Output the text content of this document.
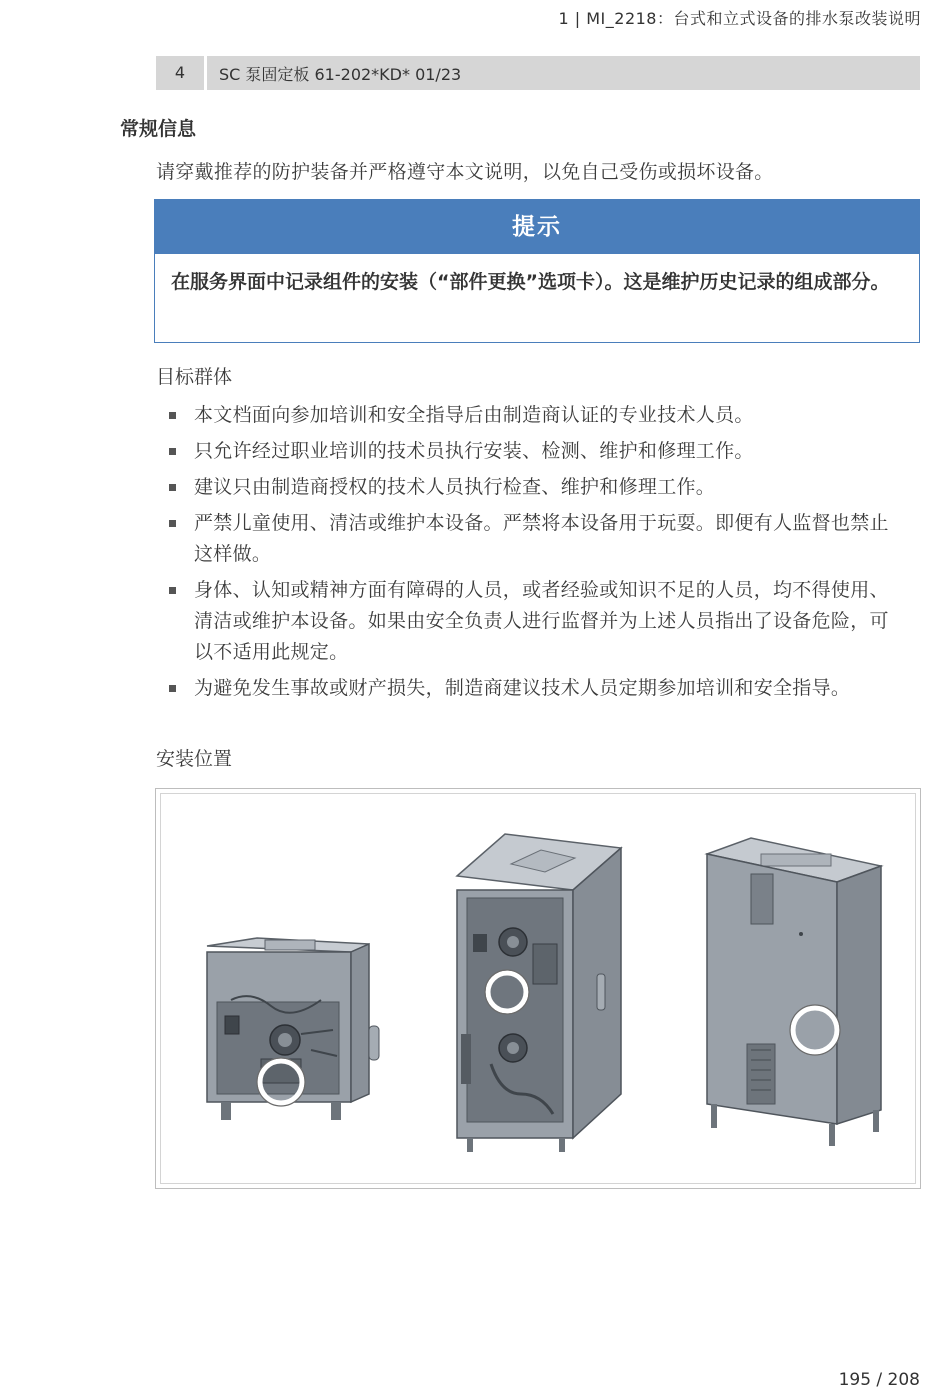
1 | MI_2218：台式和立式设备的排水泵改装说明
4	SC 泵固定板 61-202*KD* 01/23
常规信息
请穿戴推荐的防护装备并严格遵守本文说明，以免自己受伤或损坏设备。
提示
在服务界面中记录组件的安装（“部件更换”选项卡）。这是维护历史记录的组成部分。
目标群体
本文档面向参加培训和安全指导后由制造商认证的专业技术人员。
只允许经过职业培训的技术员执行安装、检测、维护和修理工作。
建议只由制造商授权的技术人员执行检查、维护和修理工作。
严禁儿童使用、清洁或维护本设备。严禁将本设备用于玩耍。即便有人监督也禁止这样做。
身体、认知或精神方面有障碍的人员，或者经验或知识不足的人员，均不得使用、清洁或维护本设备。如果由安全负责人进行监督并为上述人员指出了设备危险，可以不适用此规定。
为避免发生事故或财产损失，制造商建议技术人员定期参加培训和安全指导。
安装位置
195 / 208
